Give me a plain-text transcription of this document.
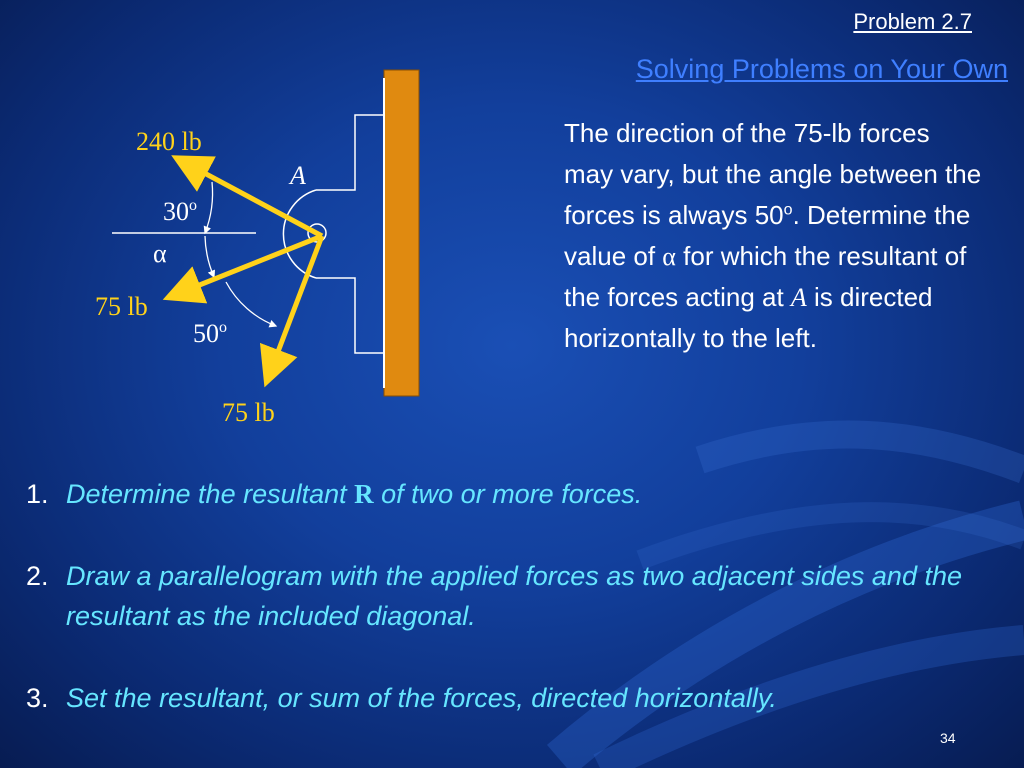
Problem 2.7
Solving Problems on Your Own
240 lb
A
30$^o$
α
75 lb
50$^o$
75 lb
The direction of the 75-lb forces may vary, but the angle between the forces is always 50$^o$. Determine the value of α for which the resultant of the forces acting at A is directed horizontally to the left.
1. Determine the resultant R of two or more forces.
2. Draw a parallelogram with the applied forces as two adjacent sides and the resultant as the included diagonal.
3. Set the resultant, or sum of the forces, directed horizontally.
34
